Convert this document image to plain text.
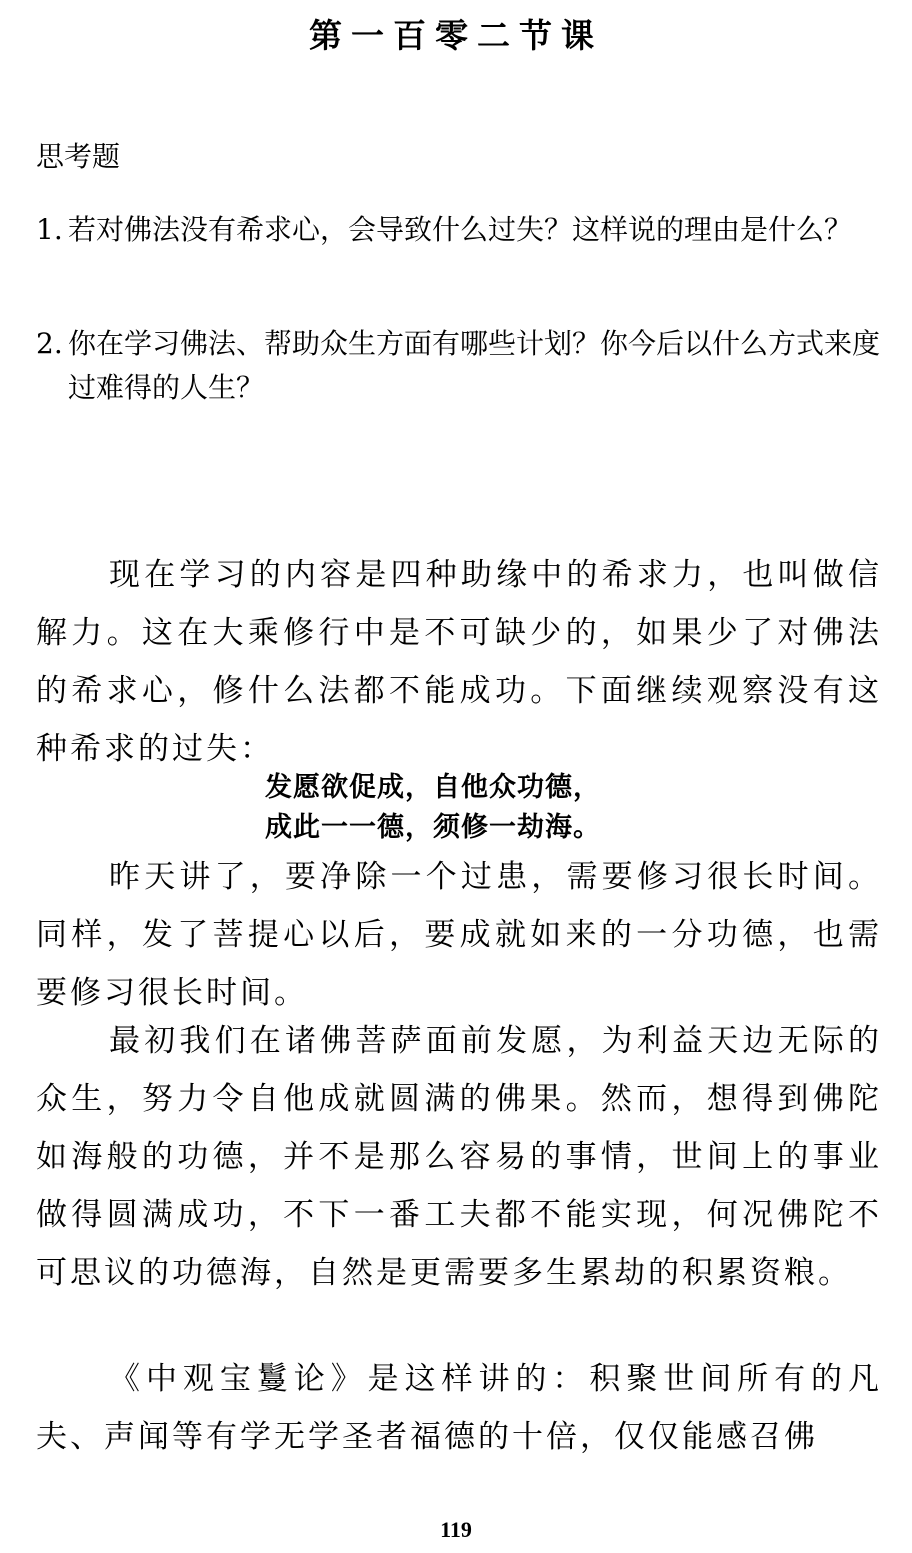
第一百零二节课
思考题
1. 若对佛法没有希求心，会导致什么过失？这样说的理由是什么？
2. 你在学习佛法、帮助众生方面有哪些计划？你今后以什么方式来度过难得的人生？

现在学习的内容是四种助缘中的希求力，也叫做信解力。这在大乘修行中是不可缺少的，如果少了对佛法的希求心，修什么法都不能成功。下面继续观察没有这种希求的过失：

发愿欲促成，自他众功德，
成此一一德，须修一劫海。

昨天讲了，要净除一个过患，需要修习很长时间。同样，发了菩提心以后，要成就如来的一分功德，也需要修习很长时间。

最初我们在诸佛菩萨面前发愿，为利益天边无际的众生，努力令自他成就圆满的佛果。然而，想得到佛陀如海般的功德，并不是那么容易的事情，世间上的事业做得圆满成功，不下一番工夫都不能实现，何况佛陀不可思议的功德海，自然是更需要多生累劫的积累资粮。

《中观宝鬘论》是这样讲的：积聚世间所有的凡夫、声闻等有学无学圣者福德的十倍，仅仅能感召佛

119
